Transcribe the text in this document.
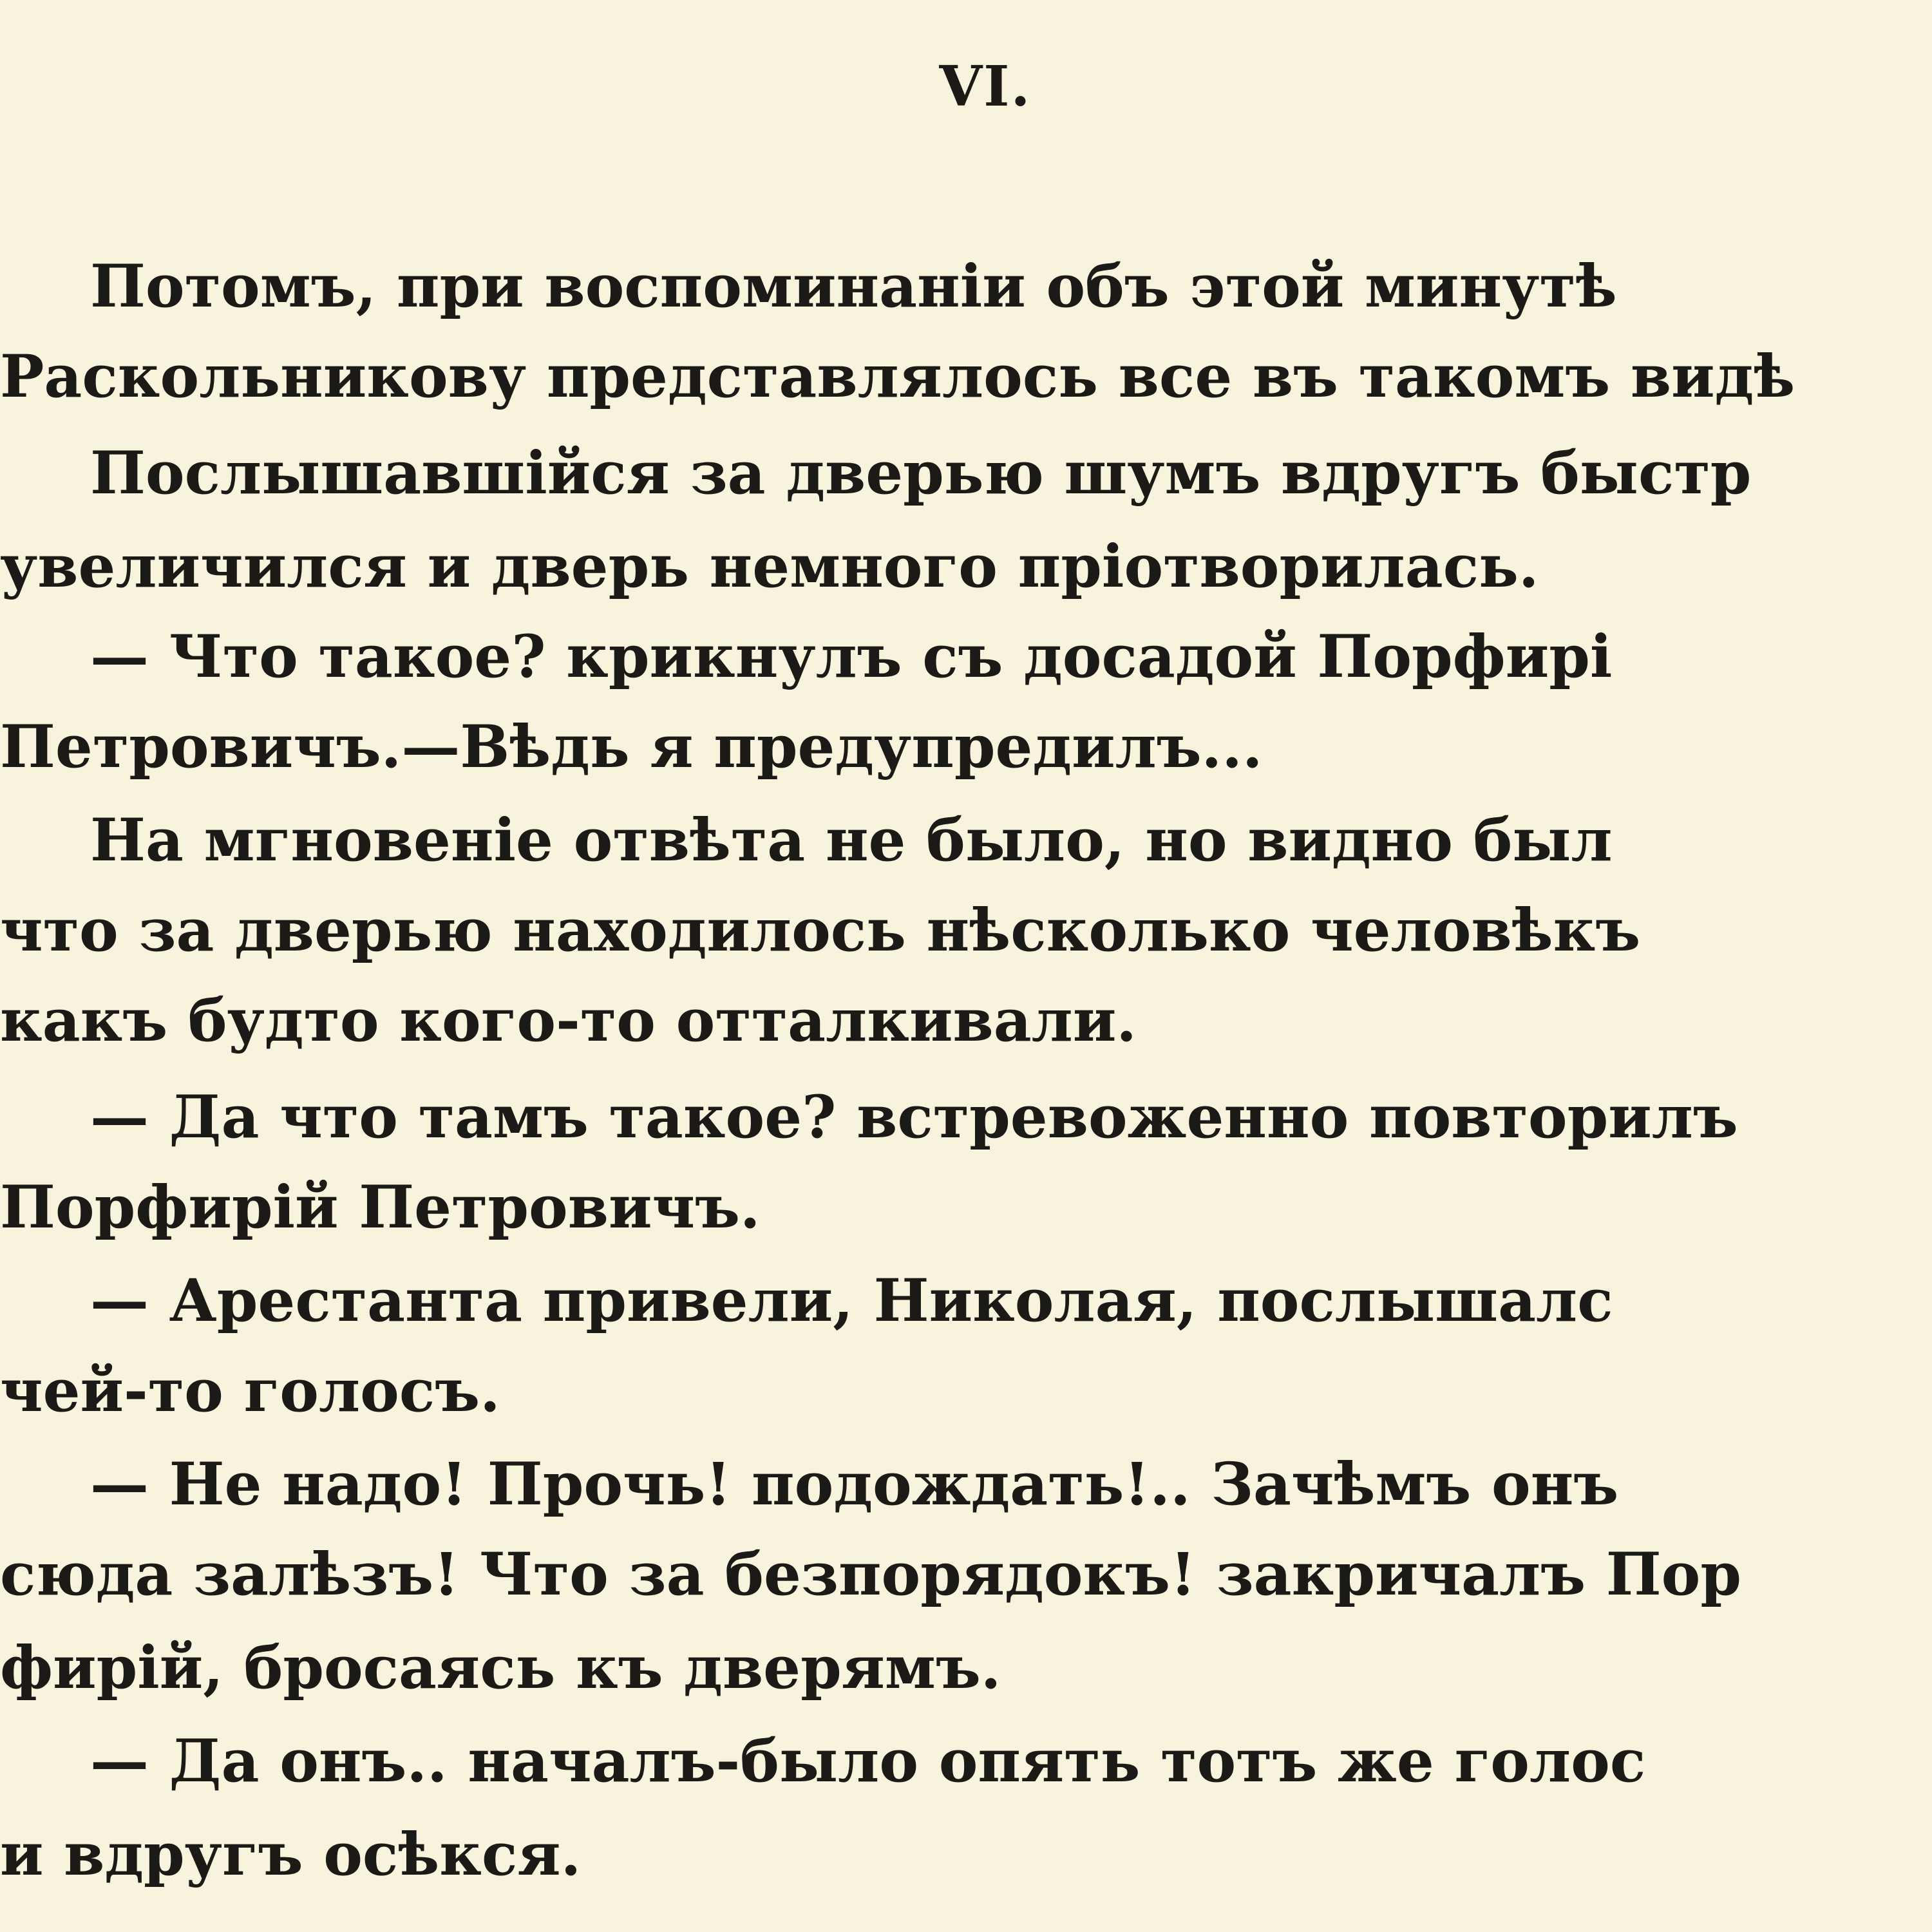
VI.
Потомъ, при воспоминаніи объ этой минутѣ
Раскольникову представлялось все въ такомъ видѣ
Послышавшійся за дверью шумъ вдругъ быстр
увеличился и дверь немного пріотворилась.
— Что такое? крикнулъ съ досадой Порфирі
Петровичъ.—Вѣдь я предупредилъ...
На мгновеніе отвѣта не было, но видно был
что за дверью находилось нѣсколько человѣкъ
какъ будто кого-то отталкивали.
— Да что тамъ такое? встревоженно повторилъ
Порфирій Петровичъ.
— Арестанта привели, Николая, послышалс
чей-то голосъ.
— Не надо! Прочь! подождать!.. Зачѣмъ онъ
сюда залѣзъ! Что за безпорядокъ! закричалъ Пор
фирій, бросаясь къ дверямъ.
— Да онъ.. началъ-было опять тотъ же голос
и вдругъ осѣкся.
